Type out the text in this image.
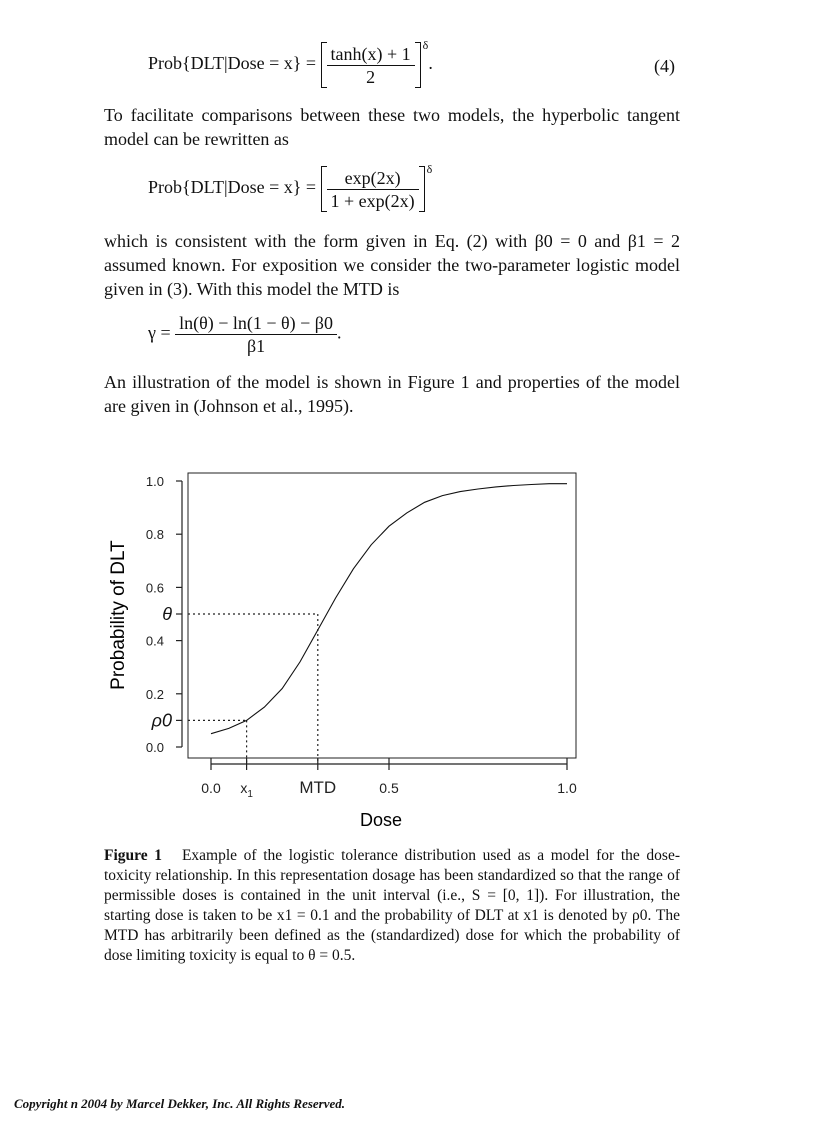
Prob{DLT|Dose = $x\} = \frac{\tanh(x) + 1}{2} ^\delta$.	(4)
To facilitate comparisons between these two models, the hyperbolic tangent model can be rewritten as
Prob{DLT|Dose = $x\} = \frac{\exp(2x)}{1 + \exp(2x)} ^\delta$
which is consistent with the form given in Eq. (2) with β0 = 0 and β1 = 2 assumed known. For exposition we consider the two-parameter logistic model given in (3). With this model the MTD is
$\gamma = \frac{\ln(\theta) - \ln(1 - \theta) - \beta 0}{\beta 1}$ .
An illustration of the model is shown in Figure 1 and properties of the model are given in (Johnson et al., 1995).
1.0
0.8
0.6
0.4
0.2
0.0
0.0 $x_1$	MTD	0.5	1.0
θ
ρ0
Probability of DLT
Dose
Figure 1 Example of the logistic tolerance distribution used as a model for the dose-toxicity relationship. In this representation dosage has been standardized so that the range of permissible doses is contained in the unit interval (i.e., S = [0, 1]). For illustration, the starting dose is taken to be x1 = 0.1 and the probability of DLT at x1 is denoted by ρ0. The MTD has arbitrarily been defined as the (standardized) dose for which the probability of dose limiting toxicity is equal to θ = 0.5.
Copyright n 2004 by Marcel Dekker, Inc. All Rights Reserved.
